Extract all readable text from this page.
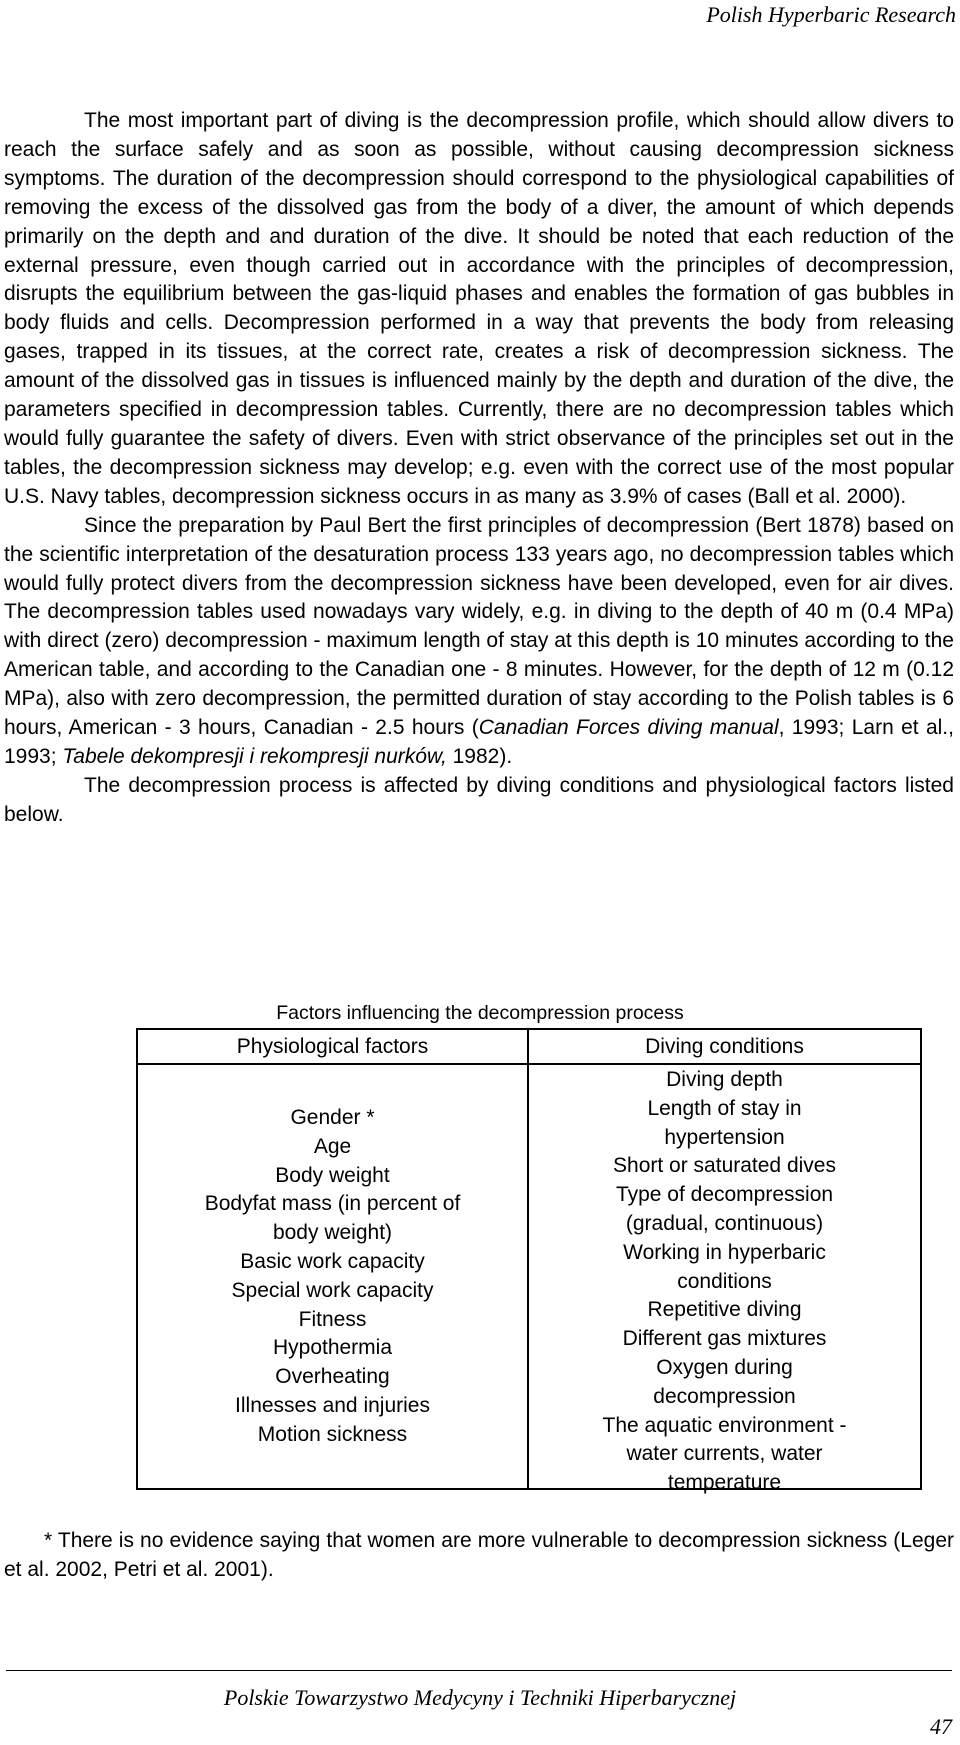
Polish Hyperbaric Research

The most important part of diving is the decompression profile, which should allow divers to reach the surface safely and as soon as possible, without causing decompression sickness symptoms. The duration of the decompression should correspond to the physiological capabilities of removing the excess of the dissolved gas from the body of a diver, the amount of which depends primarily on the depth and and duration of the dive. It should be noted that each reduction of the external pressure, even though carried out in accordance with the principles of decompression, disrupts the equilibrium between the gas-liquid phases and enables the formation of gas bubbles in body fluids and cells. Decompression performed in a way that prevents the body from releasing gases, trapped in its tissues, at the correct rate, creates a risk of decompression sickness. The amount of the dissolved gas in tissues is influenced mainly by the depth and duration of the dive, the parameters specified in decompression tables. Currently, there are no decompression tables which would fully guarantee the safety of divers. Even with strict observance of the principles set out in the tables, the decompression sickness may develop; e.g. even with the correct use of the most popular U.S. Navy tables, decompression sickness occurs in as many as 3.9% of cases (Ball et al. 2000).

Since the preparation by Paul Bert the first principles of decompression (Bert 1878) based on the scientific interpretation of the desaturation process 133 years ago, no decompression tables which would fully protect divers from the decompression sickness have been developed, even for air dives. The decompression tables used nowadays vary widely, e.g. in diving to the depth of 40 m (0.4 MPa) with direct (zero) decompression - maximum length of stay at this depth is 10 minutes according to the American table, and according to the Canadian one - 8 minutes. However, for the depth of 12 m (0.12 MPa), also with zero decompression, the permitted duration of stay according to the Polish tables is 6 hours, American - 3 hours, Canadian - 2.5 hours (Canadian Forces diving manual, 1993; Larn et al., 1993; Tabele dekompresji i rekompresji nurków, 1982).

The decompression process is affected by diving conditions and physiological factors listed below.

Factors influencing the decompression process
Physiological factors	Diving conditions
Gender *
Age
Body weight
Bodyfat mass (in percent of
body weight)
Basic work capacity
Special work capacity
Fitness
Hypothermia
Overheating
Illnesses and injuries
Motion sickness
Diving depth
Length of stay in
hypertension
Short or saturated dives
Type of decompression
(gradual, continuous)
Working in hyperbaric
conditions
Repetitive diving
Different gas mixtures
Oxygen during
decompression
The aquatic environment -
water currents, water
temperature
* There is no evidence saying that women are more vulnerable to decompression sickness (Leger et al. 2002, Petri et al. 2001).
Polskie Towarzystwo Medycyny i Techniki Hiperbarycznej
47
